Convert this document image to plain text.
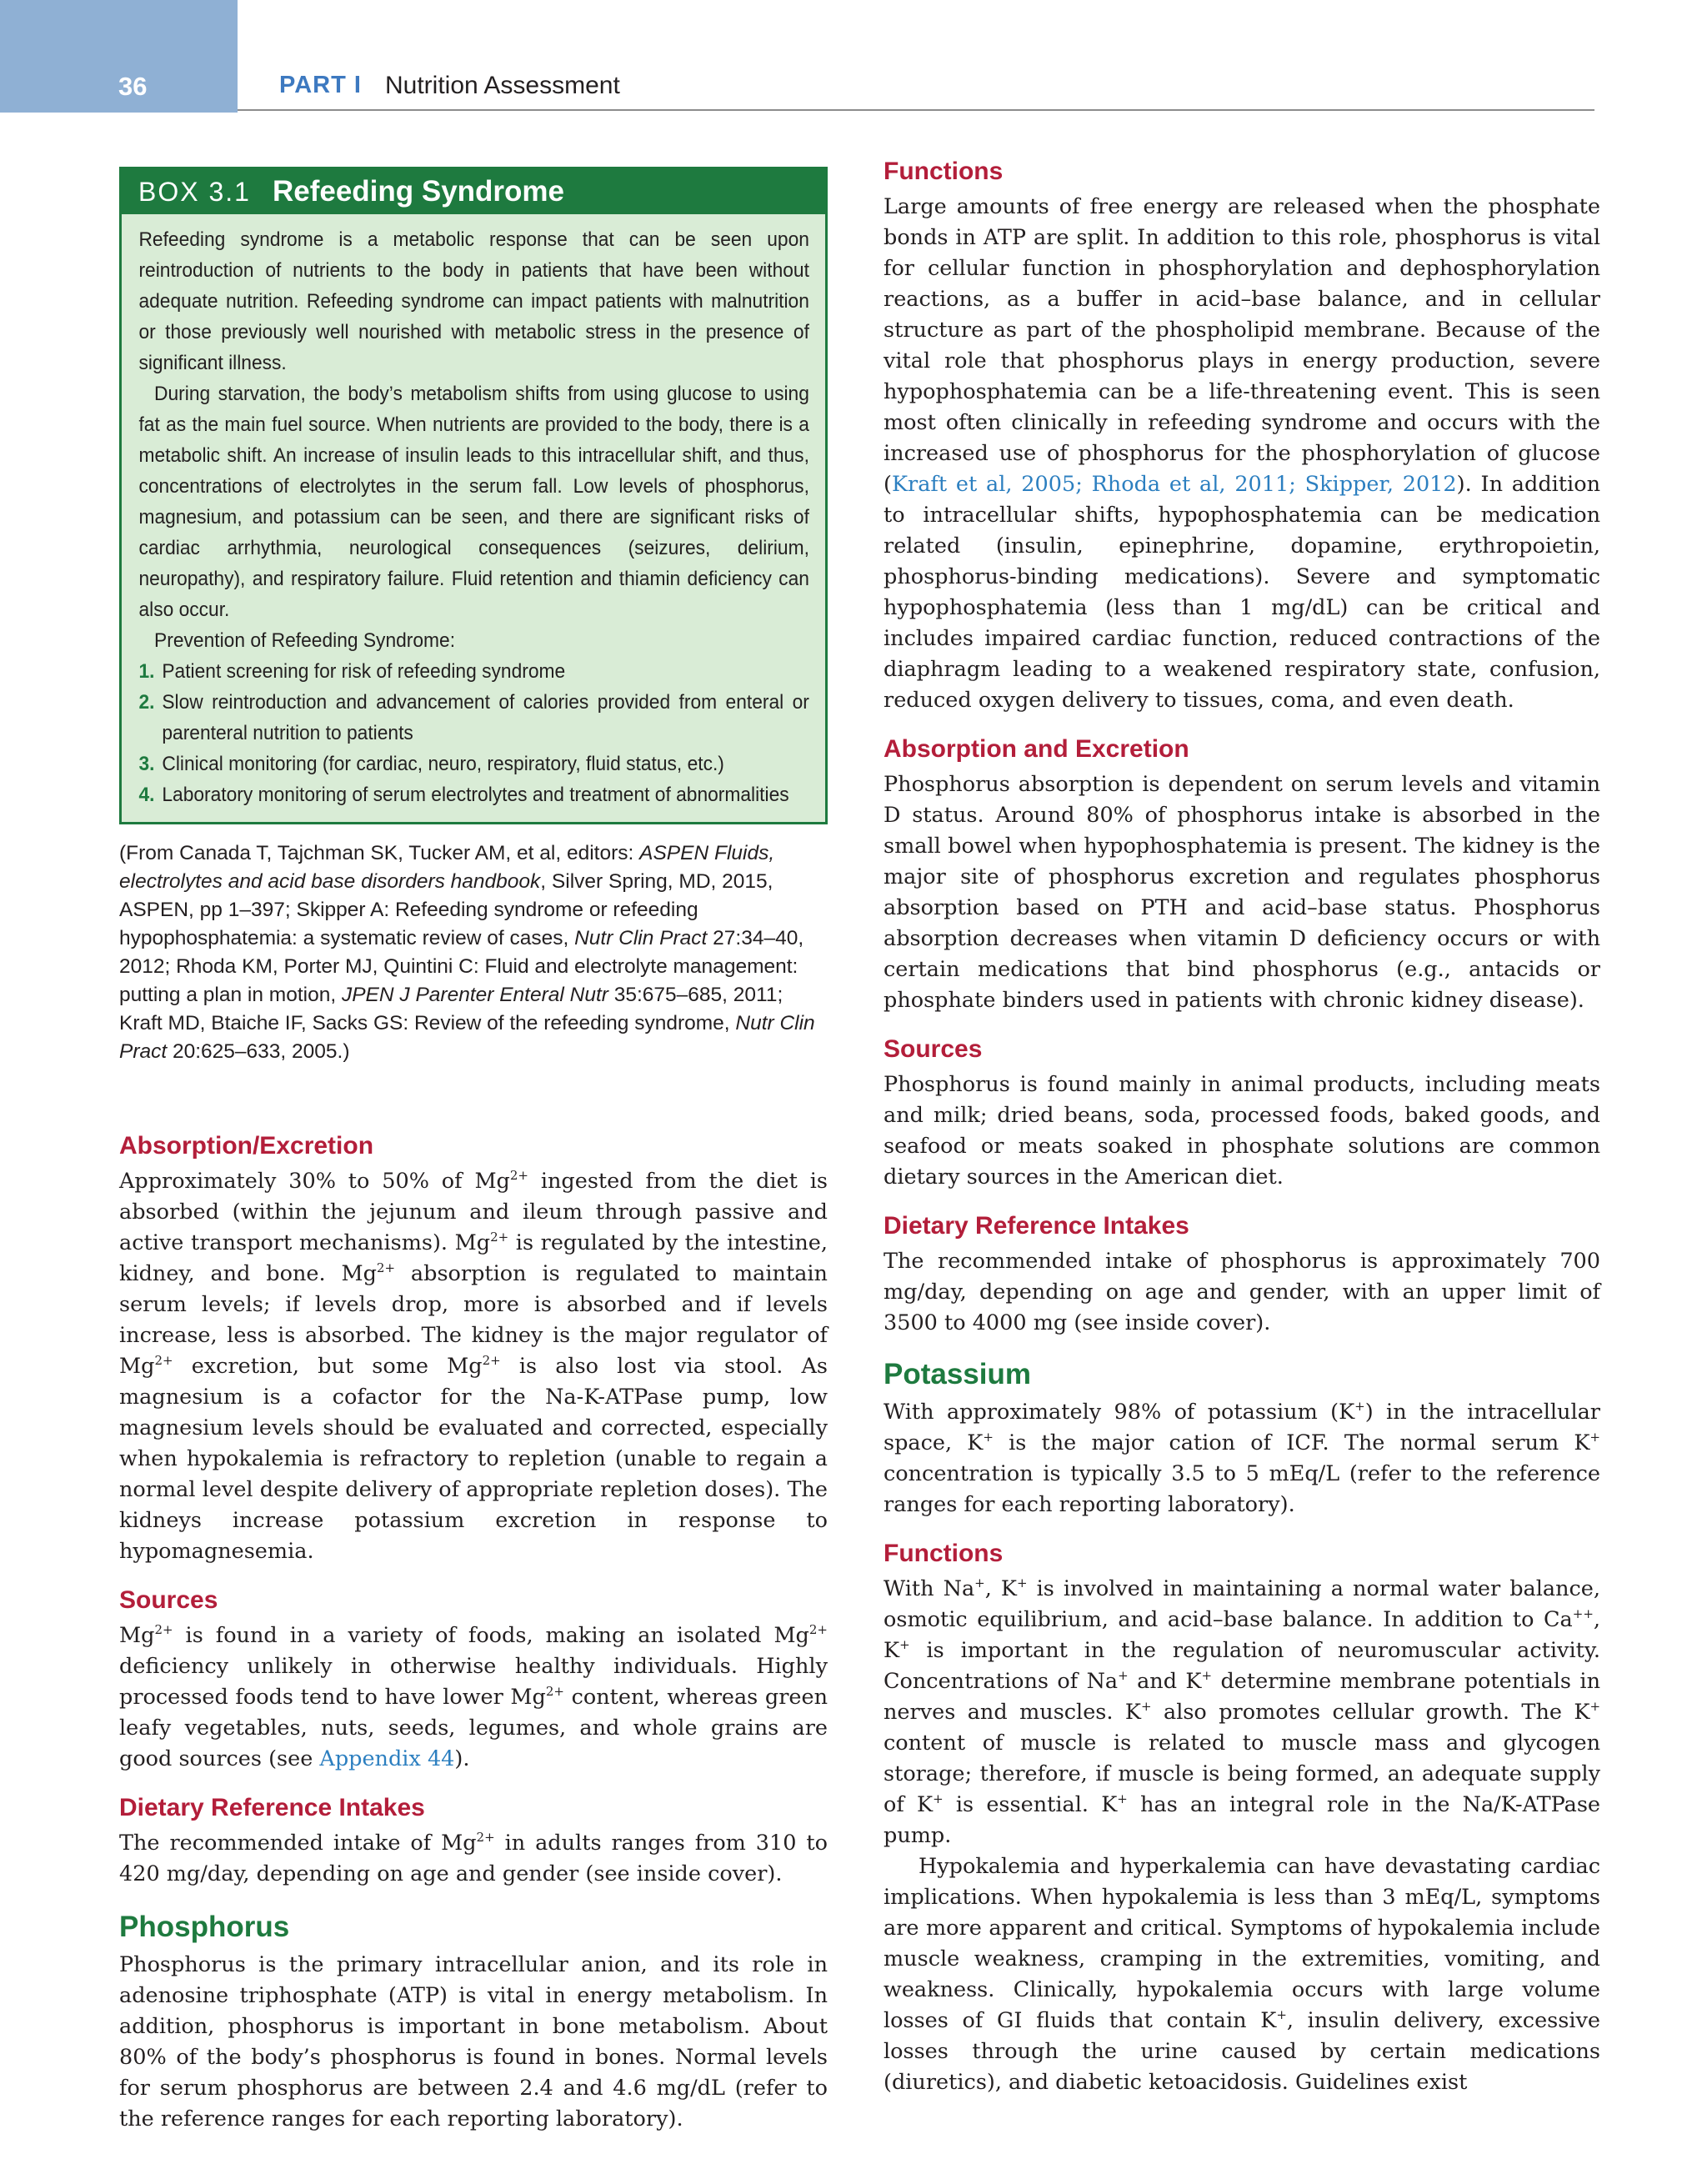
36	PART I Nutrition Assessment
BOX 3.1 Refeeding Syndrome

Refeeding syndrome is a metabolic response that can be seen upon reintroduction of nutrients to the body in patients that have been without adequate nutrition. Refeeding syndrome can impact patients with malnutrition or those previously well nourished with metabolic stress in the presence of significant illness.

During starvation, the body’s metabolism shifts from using glucose to using fat as the main fuel source. When nutrients are provided to the body, there is a metabolic shift. An increase of insulin leads to this intracellular shift, and thus, concentrations of electrolytes in the serum fall. Low levels of phosphorus, magnesium, and potassium can be seen, and there are significant risks of cardiac arrhythmia, neurological consequences (seizures, delirium, neuropathy), and respiratory failure. Fluid retention and thiamin deficiency can also occur.

Prevention of Refeeding Syndrome:

1. Patient screening for risk of refeeding syndrome
2. Slow reintroduction and advancement of calories provided from enteral or parenteral nutrition to patients
3. Clinical monitoring (for cardiac, neuro, respiratory, fluid status, etc.)
4. Laboratory monitoring of serum electrolytes and treatment of abnormalities
(From Canada T, Tajchman SK, Tucker AM, et al, editors: ASPEN Fluids, electrolytes and acid base disorders handbook, Silver Spring, MD, 2015, ASPEN, pp 1–397; Skipper A: Refeeding syndrome or refeeding hypophosphatemia: a systematic review of cases, Nutr Clin Pract 27:34–40, 2012; Rhoda KM, Porter MJ, Quintini C: Fluid and electrolyte management: putting a plan in motion, JPEN J Parenter Enteral Nutr 35:675–685, 2011; Kraft MD, Btaiche IF, Sacks GS: Review of the refeeding syndrome, Nutr Clin Pract 20:625–633, 2005.)
Absorption/Excretion

Approximately 30% to 50% of $Mg^{2+}$ ingested from the diet is absorbed (within the jejunum and ileum through passive and active transport mechanisms). $Mg^{2+}$ is regulated by the intestine, kidney, and bone. $Mg^{2+}$ absorption is regulated to maintain serum levels; if levels drop, more is absorbed and if levels increase, less is absorbed. The kidney is the major regulator of $Mg^{2+}$ excretion, but some $Mg^{2+}$ is also lost via stool. As magnesium is a cofactor for the Na-K-ATPase pump, low magnesium levels should be evaluated and corrected, especially when hypokalemia is refractory to repletion (unable to regain a normal level despite delivery of appropriate repletion doses). The kidneys increase potassium excretion in response to hypomagnesemia.

Sources

$Mg^{2+}$ is found in a variety of foods, making an isolated $Mg^{2+}$ deficiency unlikely in otherwise healthy individuals. Highly processed foods tend to have lower $Mg^{2+}$ content, whereas green leafy vegetables, nuts, seeds, legumes, and whole grains are good sources (see Appendix 44).

Dietary Reference Intakes

The recommended intake of $Mg^{2+}$ in adults ranges from 310 to 420 mg/day, depending on age and gender (see inside cover).

Phosphorus

Phosphorus is the primary intracellular anion, and its role in adenosine triphosphate (ATP) is vital in energy metabolism. In addition, phosphorus is important in bone metabolism. About 80% of the body’s phosphorus is found in bones. Normal levels for serum phosphorus are between 2.4 and 4.6 mg/dL (refer to the reference ranges for each reporting laboratory).

Functions

Large amounts of free energy are released when the phosphate bonds in ATP are split. In addition to this role, phosphorus is vital for cellular function in phosphorylation and dephosphorylation reactions, as a buffer in acid–base balance, and in cellular structure as part of the phospholipid membrane. Because of the vital role that phosphorus plays in energy production, severe hypophosphatemia can be a life-threatening event. This is seen most often clinically in refeeding syndrome and occurs with the increased use of phosphorus for the phosphorylation of glucose (Kraft et al, 2005; Rhoda et al, 2011; Skipper, 2012). In addition to intracellular shifts, hypophosphatemia can be medication related (insulin, epinephrine, dopamine, erythropoietin, phosphorus-binding medications). Severe and symptomatic hypophosphatemia (less than 1 mg/dL) can be critical and includes impaired cardiac function, reduced contractions of the diaphragm leading to a weakened respiratory state, confusion, reduced oxygen delivery to tissues, coma, and even death.

Absorption and Excretion

Phosphorus absorption is dependent on serum levels and vitamin D status. Around 80% of phosphorus intake is absorbed in the small bowel when hypophosphatemia is present. The kidney is the major site of phosphorus excretion and regulates phosphorus absorption based on PTH and acid–base status. Phosphorus absorption decreases when vitamin D deficiency occurs or with certain medications that bind phosphorus (e.g., antacids or phosphate binders used in patients with chronic kidney disease).

Sources

Phosphorus is found mainly in animal products, including meats and milk; dried beans, soda, processed foods, baked goods, and seafood or meats soaked in phosphate solutions are common dietary sources in the American diet.

Dietary Reference Intakes

The recommended intake of phosphorus is approximately 700 mg/day, depending on age and gender, with an upper limit of 3500 to 4000 mg (see inside cover).

Potassium

With approximately 98% of potassium (K+) in the intracellular space, K+ is the major cation of ICF. The normal serum K+ concentration is typically 3.5 to 5 mEq/L (refer to the reference ranges for each reporting laboratory).

Functions

With Na+, K+ is involved in maintaining a normal water balance, osmotic equilibrium, and acid–base balance. In addition to Ca++, K+ is important in the regulation of neuromuscular activity. Concentrations of Na+ and K+ determine membrane potentials in nerves and muscles. K+ also promotes cellular growth. The K+ content of muscle is related to muscle mass and glycogen storage; therefore, if muscle is being formed, an adequate supply of K+ is essential. K+ has an integral role in the Na/K-ATPase pump.

Hypokalemia and hyperkalemia can have devastating cardiac implications. When hypokalemia is less than 3 mEq/L, symptoms are more apparent and critical. Symptoms of hypokalemia include muscle weakness, cramping in the extremities, vomiting, and weakness. Clinically, hypokalemia occurs with large volume losses of GI fluids that contain K+, insulin delivery, excessive losses through the urine caused by certain medications (diuretics), and diabetic ketoacidosis. Guidelines exist
